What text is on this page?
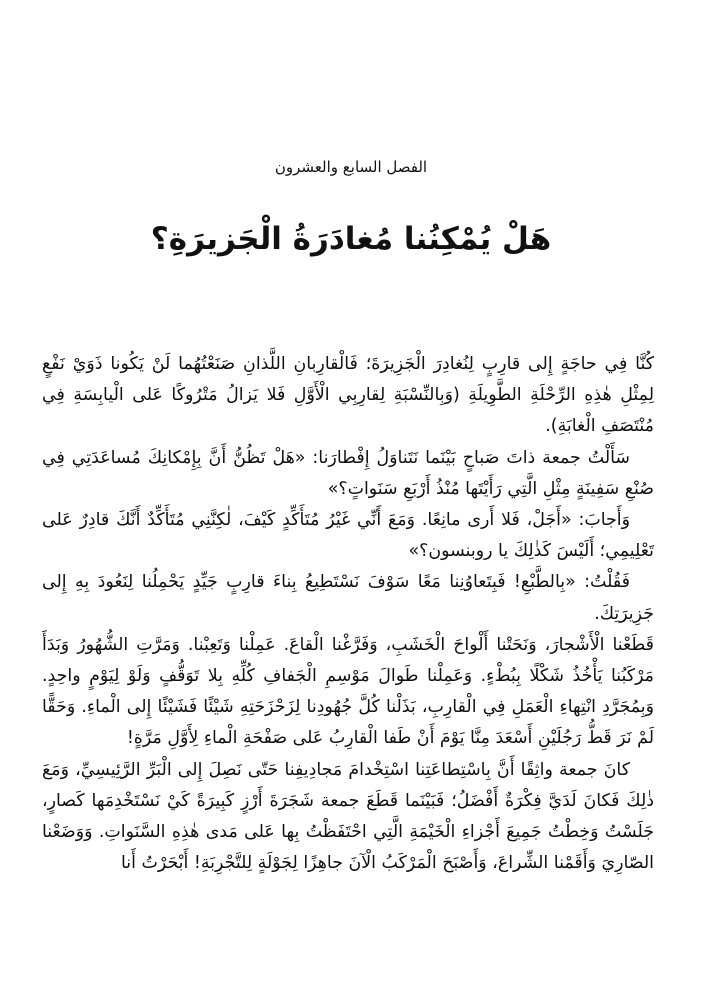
الفصل السابع والعشرون
هَلْ يُمْكِنُنا مُغادَرَةُ الْجَزيرَةِ؟

كُنَّا فِي حاجَةٍ إِلى قارِبٍ لِنُغادِرَ الْجَزِيرَةَ؛ فَالْقارِبانِ اللَّذانِ صَنَعْتُهُما لَنْ يَكُونا ذَوَيْ نَفْعٍ لِمِثْلِ هٰذِهِ الرِّحْلَةِ الطَّوِيلَةِ (وَبِالنِّسْبَةِ لِقارِبِي الْأَوَّلِ فَلا يَزالُ مَتْرُوكًا عَلى الْيابِسَةِ فِي مُنْتَصَفِ الْغابَةِ).

سَأَلْتُ جمعة ذاتَ صَباحٍ بَيْنَما نَتَناوَلُ إِفْطارَنا: «هَلْ تَظُنُّ أَنَّ بِإِمْكانِكَ مُساعَدَتِي فِي صُنْعِ سَفِينَةٍ مِثْلِ الَّتِي رَأَيْتَها مُنْذُ أَرْبَعِ سَنَواتٍ؟»

وَأَجابَ: «أَجَلْ، فَلا أَرى مانِعًا. وَمَعَ أَنِّي غَيْرُ مُتَأَكِّدٍ كَيْفَ، لٰكِنَّنِي مُتَأَكِّدٌ أَنَّكَ قادِرٌ عَلى تَعْلِيمِي؛ أَلَيْسَ كَذٰلِكَ يا روبنسون؟»

فَقُلْتُ: «بِالطَّبْعِ! فَبِتَعاوُنِنا مَعًا سَوْفَ نَسْتَطِيعُ بِناءَ قارِبٍ جَيِّدٍ يَحْمِلُنا لِنَعُودَ بِهِ إِلى جَزِيرَتِكَ.

قَطَعْنا الْأَشْجارَ، وَنَحَتْنا أَلْواحَ الْخَشَبِ، وَفَرَّغْنا الْقاعَ. عَمِلْنا وَتَعِبْنا. وَمَرَّتِ الشُّهُورُ وَبَدَأَ مَرْكَبُنا يَأْخُذُ شَكْلًا بِبُطْءٍ. وَعَمِلْنا طَوالَ مَوْسِمِ الْجَفافِ كُلِّهِ بِلا تَوَقُّفٍ وَلَوْ لِيَوْمٍ واحِدٍ. وَبِمُجَرَّدِ انْتِهاءِ الْعَمَلِ فِي الْقارِبِ، بَذَلْنا كُلَّ جُهُودِنا لِزَحْزَحَتِهِ شَيْئًا فَشَيْئًا إِلى الْماءِ. وَحَقًّا لَمْ نَرَ قَطُّ رَجُلَيْنِ أَسْعَدَ مِنَّا يَوْمَ أَنْ طَفا الْقارِبُ عَلى صَفْحَةِ الْماءِ لِأَوَّلِ مَرَّةٍ!

كانَ جمعة واثِقًا أَنَّ بِاسْتِطاعَتِنا اسْتِخْدامَ مَجادِيفِنا حَتّى نَصِلَ إِلى الْبَرِّ الرَّئِيسِيِّ، وَمَعَ ذٰلِكَ فَكانَ لَدَيَّ فِكْرَةٌ أَفْضَلُ؛ فَبَيْنَما قَطَعَ جمعة شَجَرَةَ أَرْزٍ كَبِيرَةً كَيْ نَسْتَخْدِمَها كَصارٍ، جَلَسْتُ وَخِطْتُ جَمِيعَ أَجْزاءِ الْخَيْمَةِ الَّتِي احْتَفَظْتُ بِها عَلى مَدى هٰذِهِ السَّنَواتِ. وَوَضَعْنا الصّارِيَ وَأَقَمْنا الشِّراعَ، وَأَصْبَحَ الْمَرْكَبُ الْآنَ جاهِزًا لِجَوْلَةٍ لِلتَّجْرِبَةِ! أَبْحَرْتُ أَنا
